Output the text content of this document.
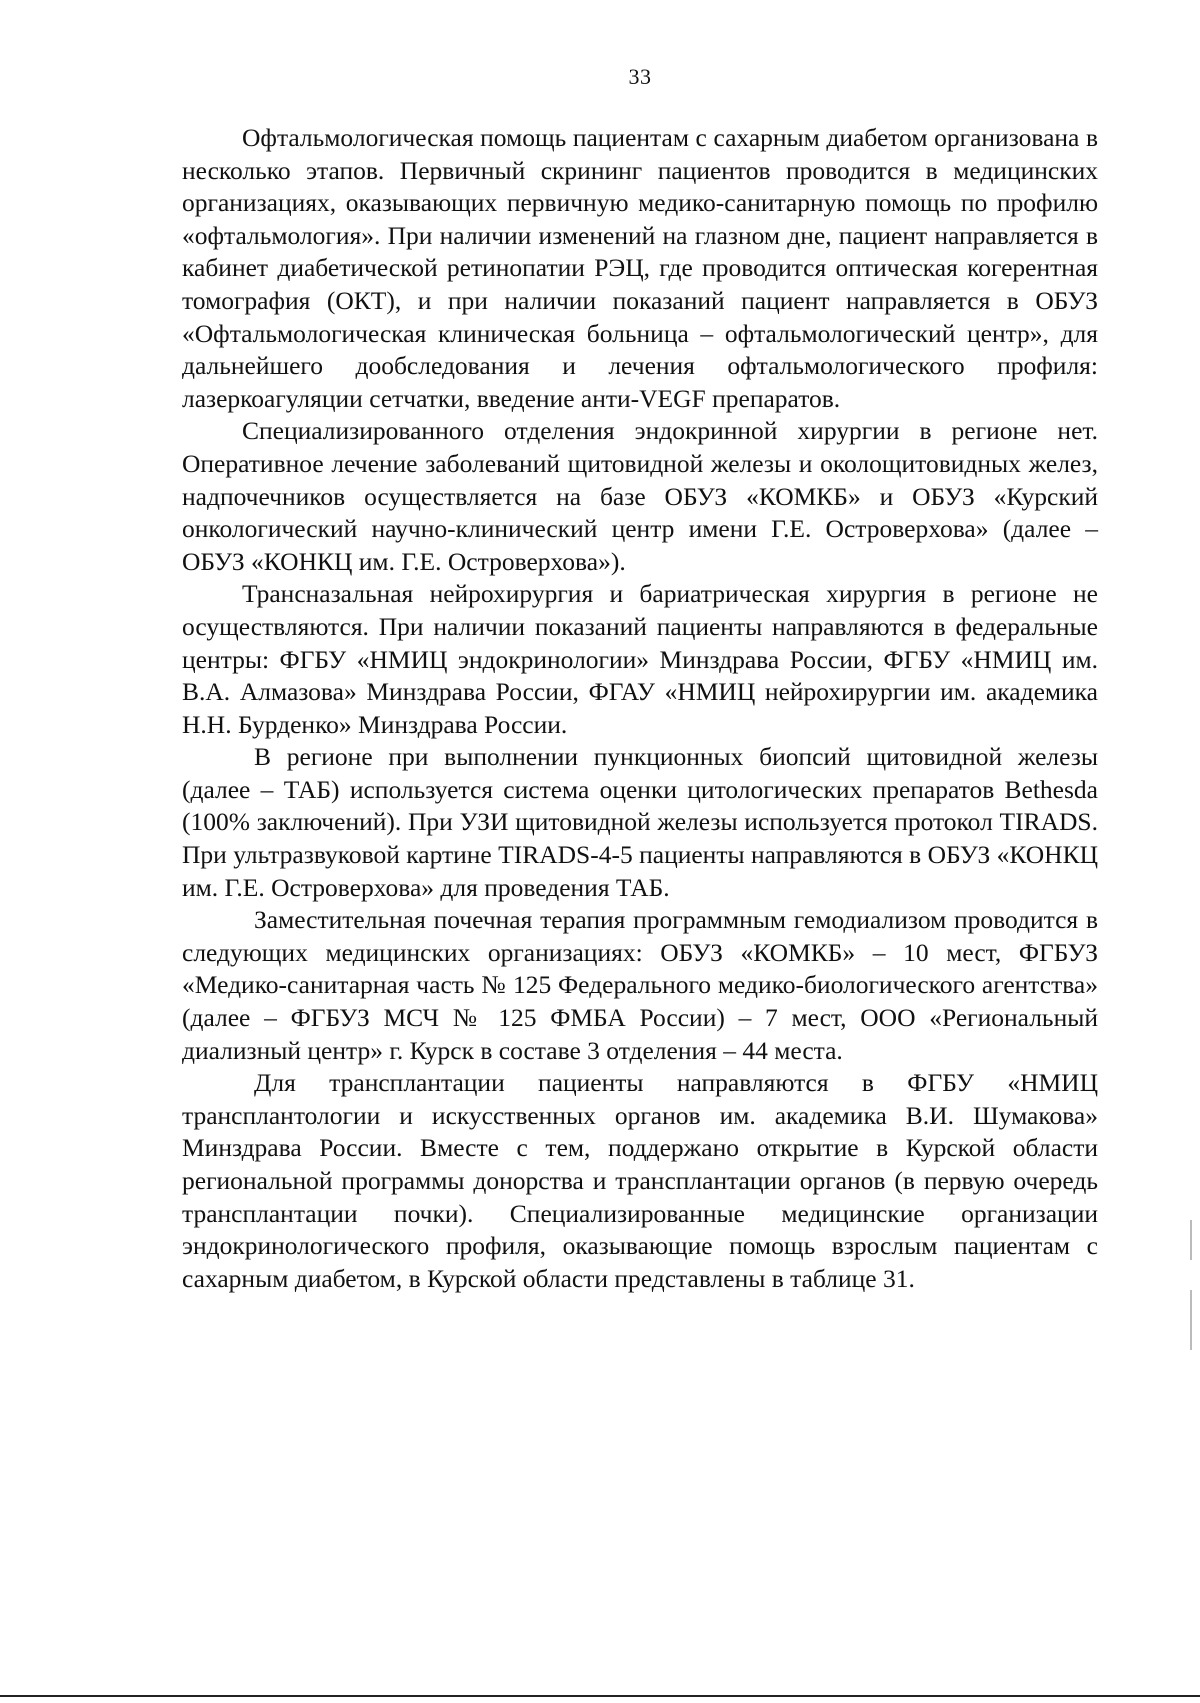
33

Офтальмологическая помощь пациентам с сахарным диабетом организована в несколько этапов. Первичный скрининг пациентов проводится в медицинских организациях, оказывающих первичную медико-санитарную помощь по профилю «офтальмология». При наличии изменений на глазном дне, пациент направляется в кабинет диабетической ретинопатии РЭЦ, где проводится оптическая когерентная томография (ОКТ), и при наличии показаний пациент направляется в ОБУЗ «Офтальмологическая клиническая больница – офтальмологический центр», для дальнейшего дообследования и лечения офтальмологического профиля: лазеркоагуляции сетчатки, введение анти-VEGF препаратов.

Специализированного отделения эндокринной хирургии в регионе нет. Оперативное лечение заболеваний щитовидной железы и околощитовидных желез, надпочечников осуществляется на базе ОБУЗ «КОМКБ» и ОБУЗ «Курский онкологический научно-клинический центр имени Г.Е. Островерхова» (далее – ОБУЗ «КОНКЦ им. Г.Е. Островерхова»).

Трансназальная нейрохирургия и бариатрическая хирургия в регионе не осуществляются. При наличии показаний пациенты направляются в федеральные центры: ФГБУ «НМИЦ эндокринологии» Минздрава России, ФГБУ «НМИЦ им. В.А. Алмазова» Минздрава России, ФГАУ «НМИЦ нейрохирургии им. академика Н.Н. Бурденко» Минздрава России.

В регионе при выполнении пункционных биопсий щитовидной железы (далее – ТАБ) используется система оценки цитологических препаратов Bethesda (100% заключений). При УЗИ щитовидной железы используется протокол TIRADS. При ультразвуковой картине TIRADS-4-5 пациенты направляются в ОБУЗ «КОНКЦ им. Г.Е. Островерхова» для проведения ТАБ.

Заместительная почечная терапия программным гемодиализом проводится в следующих медицинских организациях: ОБУЗ «КОМКБ» – 10 мест, ФГБУЗ «Медико-санитарная часть № 125 Федерального медико-биологического агентства» (далее – ФГБУЗ МСЧ № 125 ФМБА России) – 7 мест, ООО «Региональный диализный центр» г. Курск в составе 3 отделения – 44 места.

Для трансплантации пациенты направляются в ФГБУ «НМИЦ трансплантологии и искусственных органов им. академика В.И. Шумакова» Минздрава России. Вместе с тем, поддержано открытие в Курской области региональной программы донорства и трансплантации органов (в первую очередь трансплантации почки). Специализированные медицинские организации эндокринологического профиля, оказывающие помощь взрослым пациентам с сахарным диабетом, в Курской области представлены в таблице 31.
